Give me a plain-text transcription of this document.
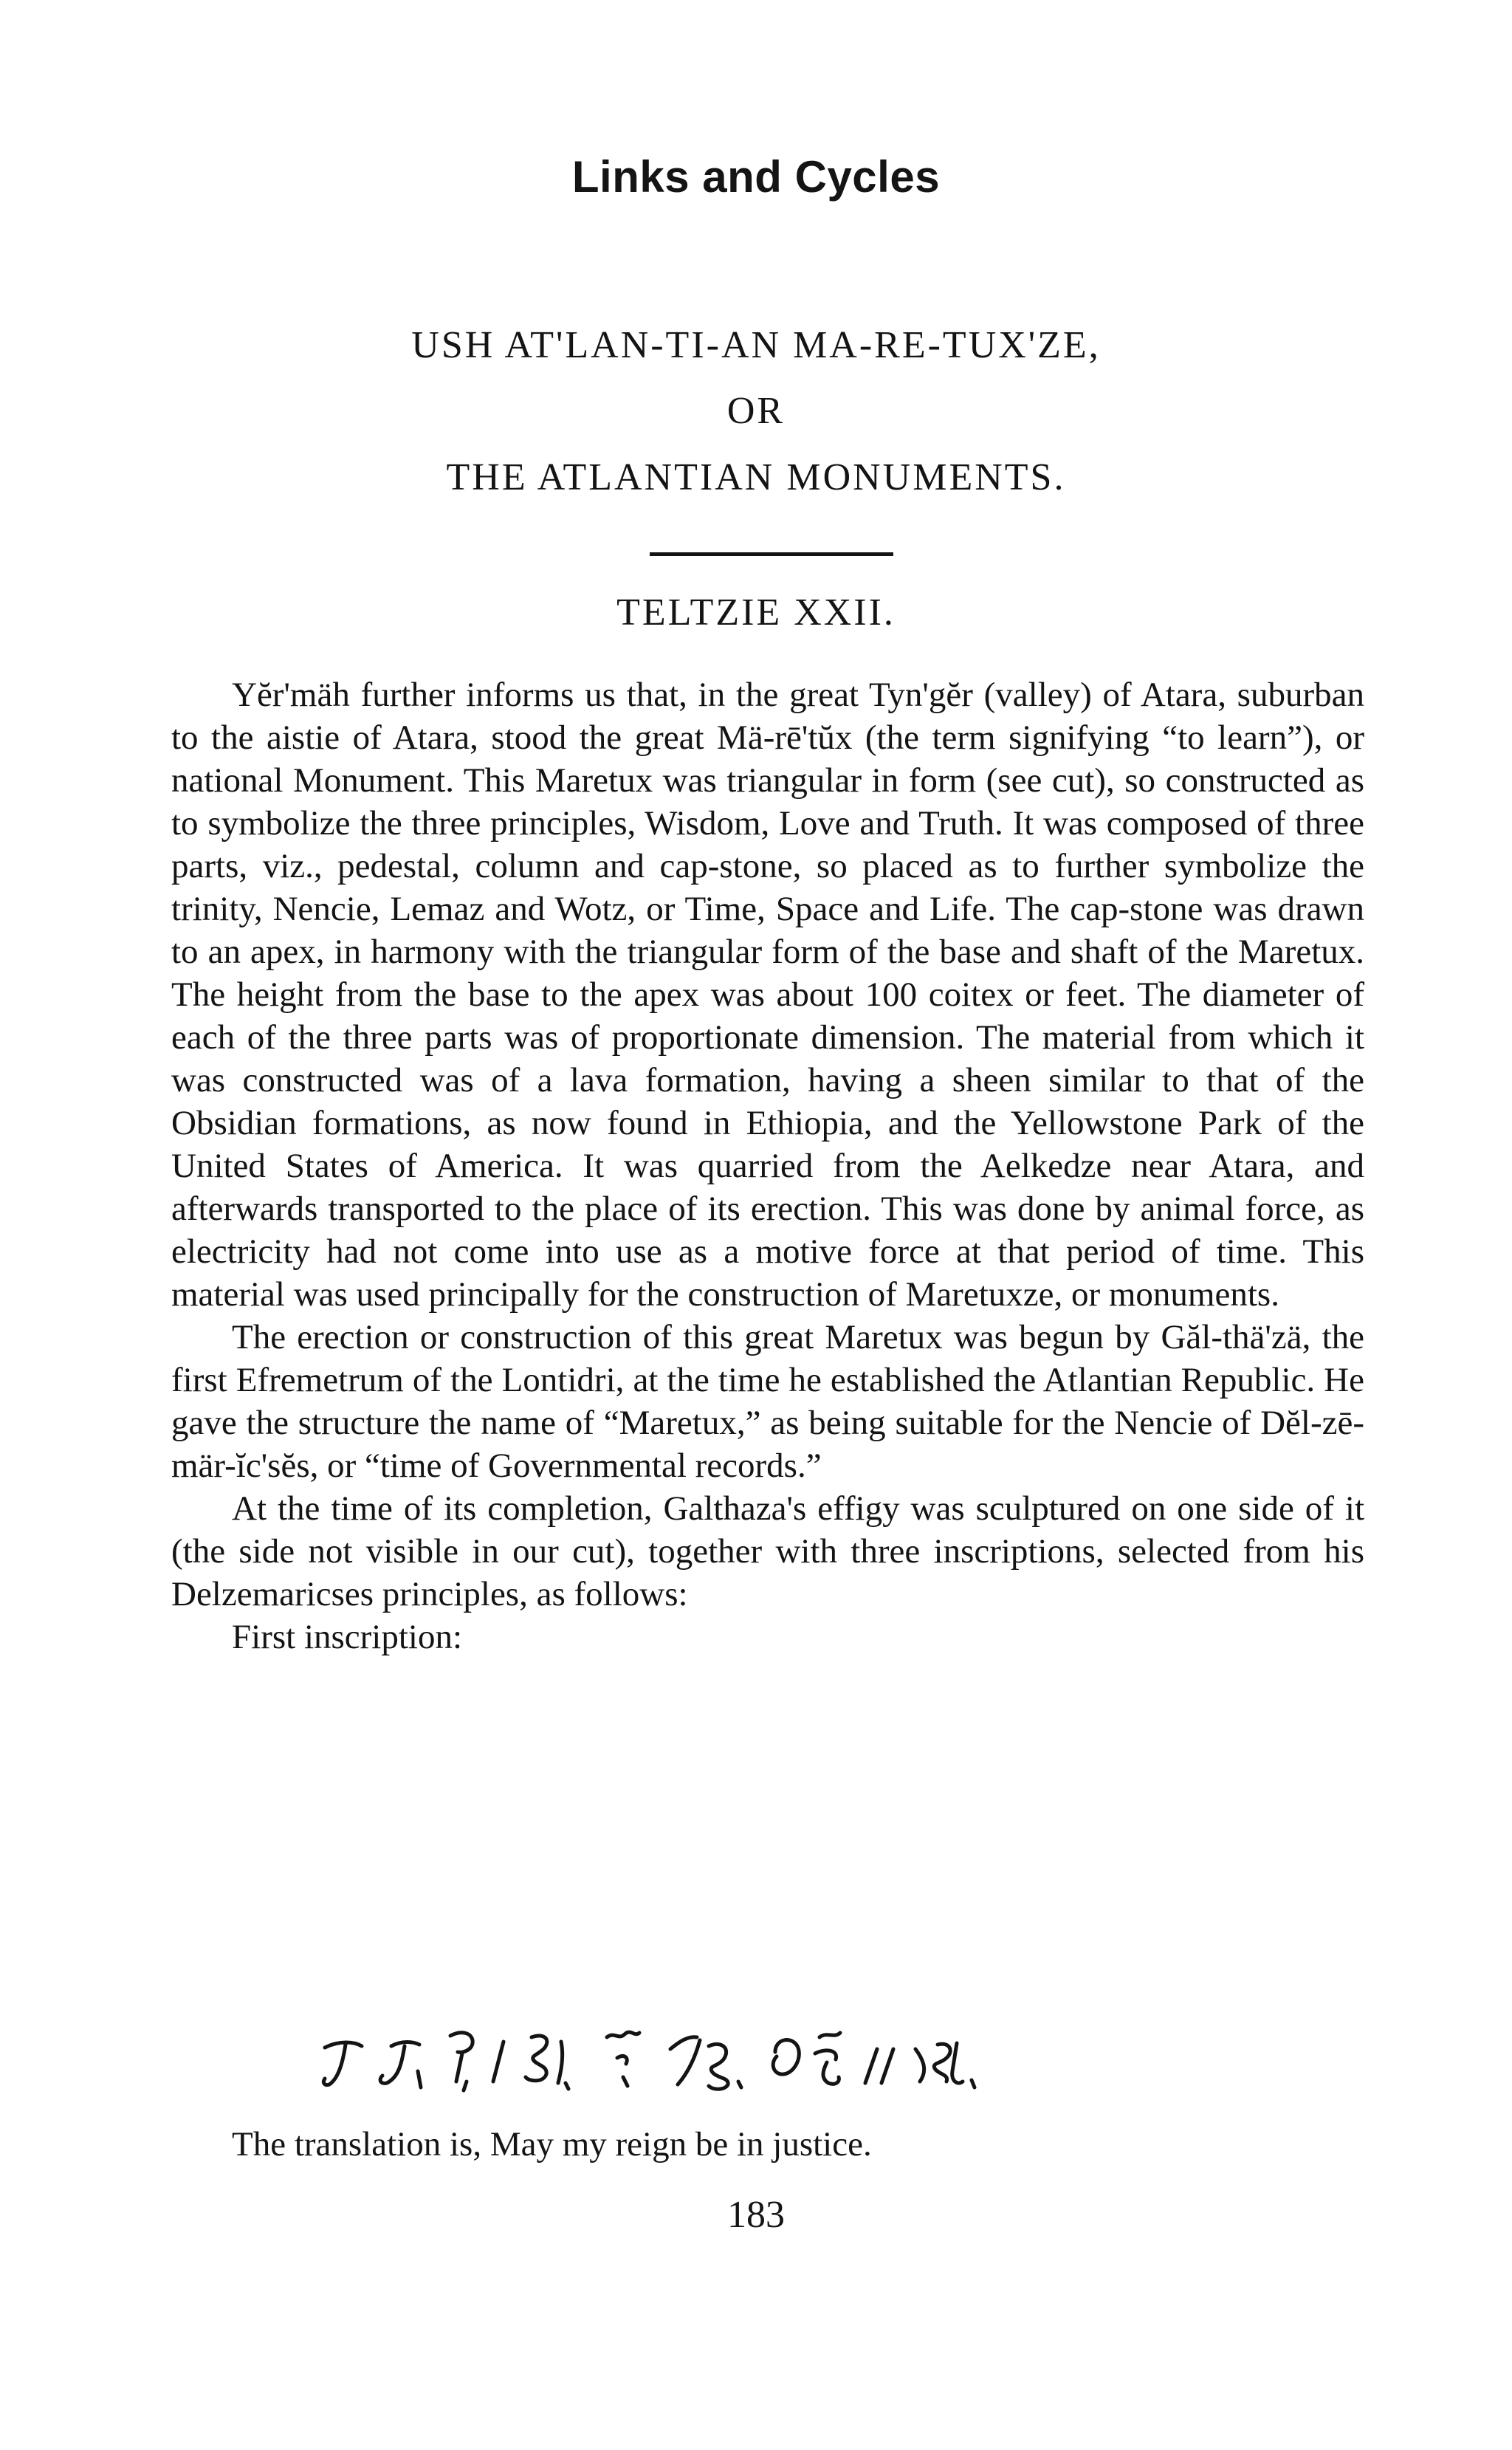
Links and Cycles
USH AT'LAN-TI-AN MA-RE-TUX'ZE,
OR
THE ATLANTIAN MONUMENTS.
TELTZIE XXII.

Yĕr'mäh further informs us that, in the great Tyn'gĕr (valley) of Atara, suburban to the aistie of Atara, stood the great Mä-rē'tŭx (the term signifying “to learn”), or national Monument. This Maretux was triangular in form (see cut), so constructed as to symbolize the three principles, Wisdom, Love and Truth. It was composed of three parts, viz., pedestal, column and cap-stone, so placed as to further symbolize the trinity, Nencie, Lemaz and Wotz, or Time, Space and Life. The cap-stone was drawn to an apex, in harmony with the triangular form of the base and shaft of the Maretux. The height from the base to the apex was about 100 coitex or feet. The diameter of each of the three parts was of proportionate dimension. The material from which it was constructed was of a lava formation, having a sheen similar to that of the Obsidian formations, as now found in Ethiopia, and the Yellowstone Park of the United States of America. It was quarried from the Aelkedze near Atara, and afterwards transported to the place of its erection. This was done by animal force, as electricity had not come into use as a motive force at that period of time. This material was used principally for the construction of Maretuxze, or monuments.

The erection or construction of this great Maretux was begun by Găl-thä'zä, the first Efremetrum of the Lontidri, at the time he established the Atlantian Republic. He gave the structure the name of “Maretux,” as being suitable for the Nencie of Dĕl-zē-mär-ĭc'sĕs, or “time of Governmental records.”

At the time of its completion, Galthaza's effigy was sculptured on one side of it (the side not visible in our cut), together with three inscriptions, selected from his Delzemaricses principles, as follows:

First inscription:

The translation is, May my reign be in justice.
183
